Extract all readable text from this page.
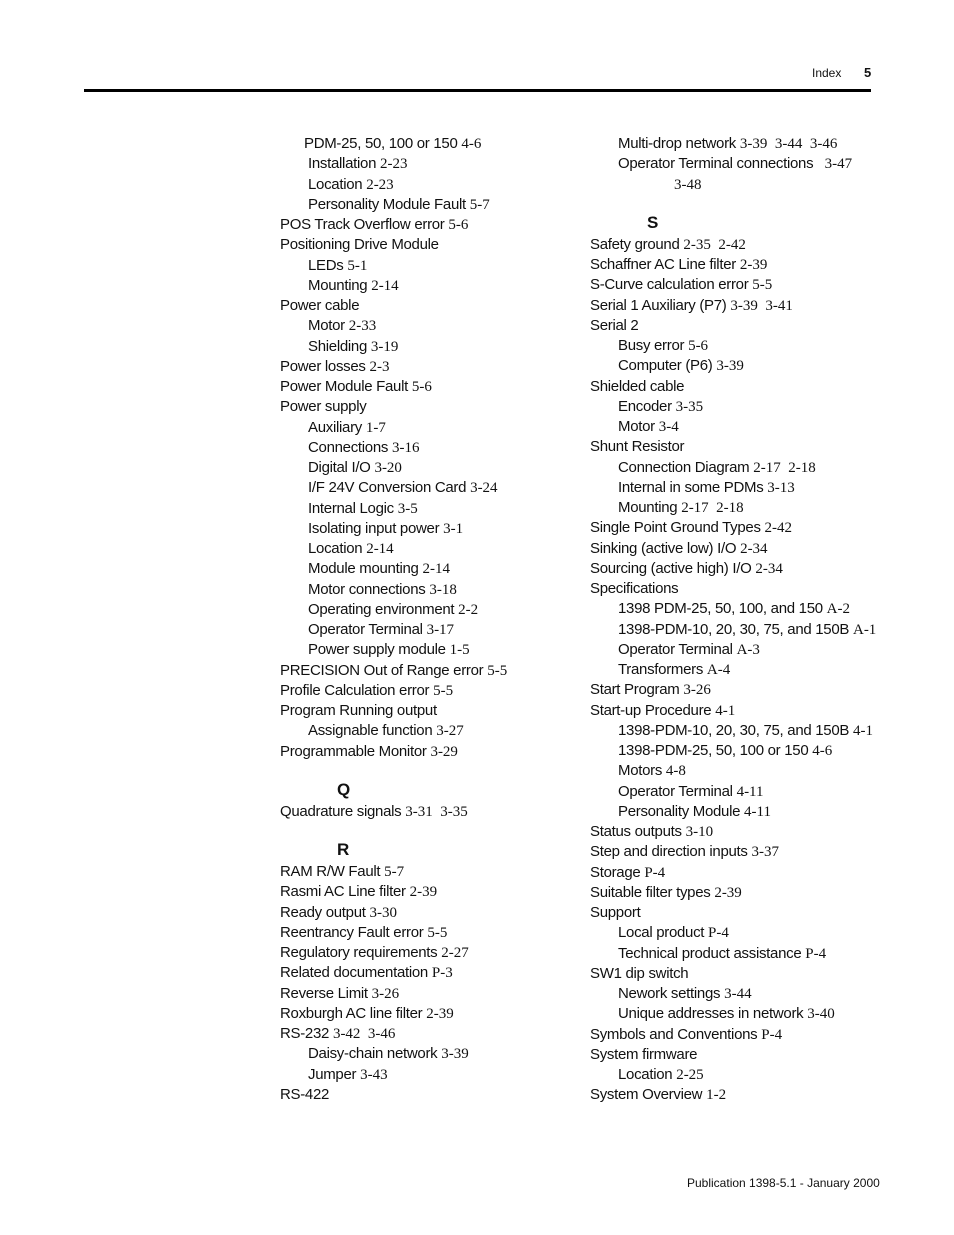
Index 5
PDM-25, 50, 100 or 150 4-6
Installation 2-23
Location 2-23
Personality Module Fault 5-7
POS Track Overflow error 5-6
Positioning Drive Module
LEDs 5-1
Mounting 2-14
Power cable
Motor 2-33
Shielding 3-19
Power losses 2-3
Power Module Fault 5-6
Power supply
Auxiliary 1-7
Connections 3-16
Digital I/O 3-20
I/F 24V Conversion Card 3-24
Internal Logic 3-5
Isolating input power 3-1
Location 2-14
Module mounting 2-14
Motor connections 3-18
Operating environment 2-2
Operator Terminal 3-17
Power supply module 1-5
PRECISION Out of Range error 5-5
Profile Calculation error 5-5
Program Running output
Assignable function 3-27
Programmable Monitor 3-29
Q
Quadrature signals 3-31  3-35
R
RAM R/W Fault 5-7
Rasmi AC Line filter 2-39
Ready output 3-30
Reentrancy Fault error 5-5
Regulatory requirements 2-27
Related documentation P-3
Reverse Limit 3-26
Roxburgh AC line filter 2-39
RS-232 3-42  3-46
Daisy-chain network 3-39
Jumper 3-43
RS-422
Multi-drop network 3-39  3-44  3-46
Operator Terminal connections   3-47
3-48
S
Safety ground 2-35  2-42
Schaffner AC Line filter 2-39
S-Curve calculation error 5-5
Serial 1 Auxiliary (P7) 3-39  3-41
Serial 2
Busy error 5-6
Computer (P6) 3-39
Shielded cable
Encoder 3-35
Motor 3-4
Shunt Resistor
Connection Diagram 2-17  2-18
Internal in some PDMs 3-13
Mounting 2-17  2-18
Single Point Ground Types 2-42
Sinking (active low) I/O 2-34
Sourcing (active high) I/O 2-34
Specifications
1398 PDM-25, 50, 100, and 150 A-2
1398-PDM-10, 20, 30, 75, and 150B A-1
Operator Terminal A-3
Transformers A-4
Start Program 3-26
Start-up Procedure 4-1
1398-PDM-10, 20, 30, 75, and 150B 4-1
1398-PDM-25, 50, 100 or 150 4-6
Motors 4-8
Operator Terminal 4-11
Personality Module 4-11
Status outputs 3-10
Step and direction inputs 3-37
Storage P-4
Suitable filter types 2-39
Support
Local product P-4
Technical product assistance P-4
SW1 dip switch
Nework settings 3-44
Unique addresses in network 3-40
Symbols and Conventions P-4
System firmware
Location 2-25
System Overview 1-2
Publication 1398-5.1 - January 2000
